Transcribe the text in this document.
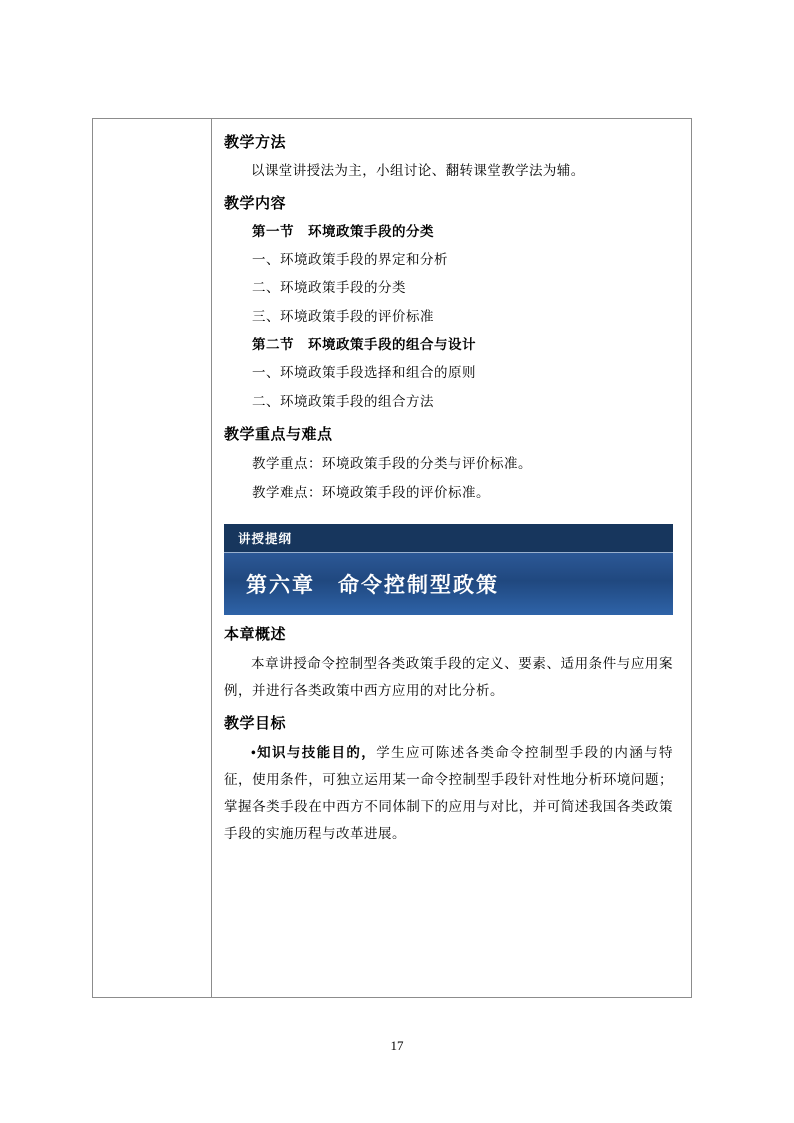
教学方法

以课堂讲授法为主，小组讨论、翻转课堂教学法为辅。

教学内容

第一节　环境政策手段的分类

一、环境政策手段的界定和分析

二、环境政策手段的分类

三、环境政策手段的评价标准

第二节　环境政策手段的组合与设计

一、环境政策手段选择和组合的原则

二、环境政策手段的组合方法

教学重点与难点

教学重点：环境政策手段的分类与评价标准。

教学难点：环境政策手段的评价标准。

讲授提纲
第六章　命令控制型政策
本章概述

本章讲授命令控制型各类政策手段的定义、要素、适用条件与应用案例，并进行各类政策中西方应用的对比分析。

教学目标

•知识与技能目的，学生应可陈述各类命令控制型手段的内涵与特征，使用条件，可独立运用某一命令控制型手段针对性地分析环境问题；掌握各类手段在中西方不同体制下的应用与对比，并可简述我国各类政策手段的实施历程与改革进展。

17
